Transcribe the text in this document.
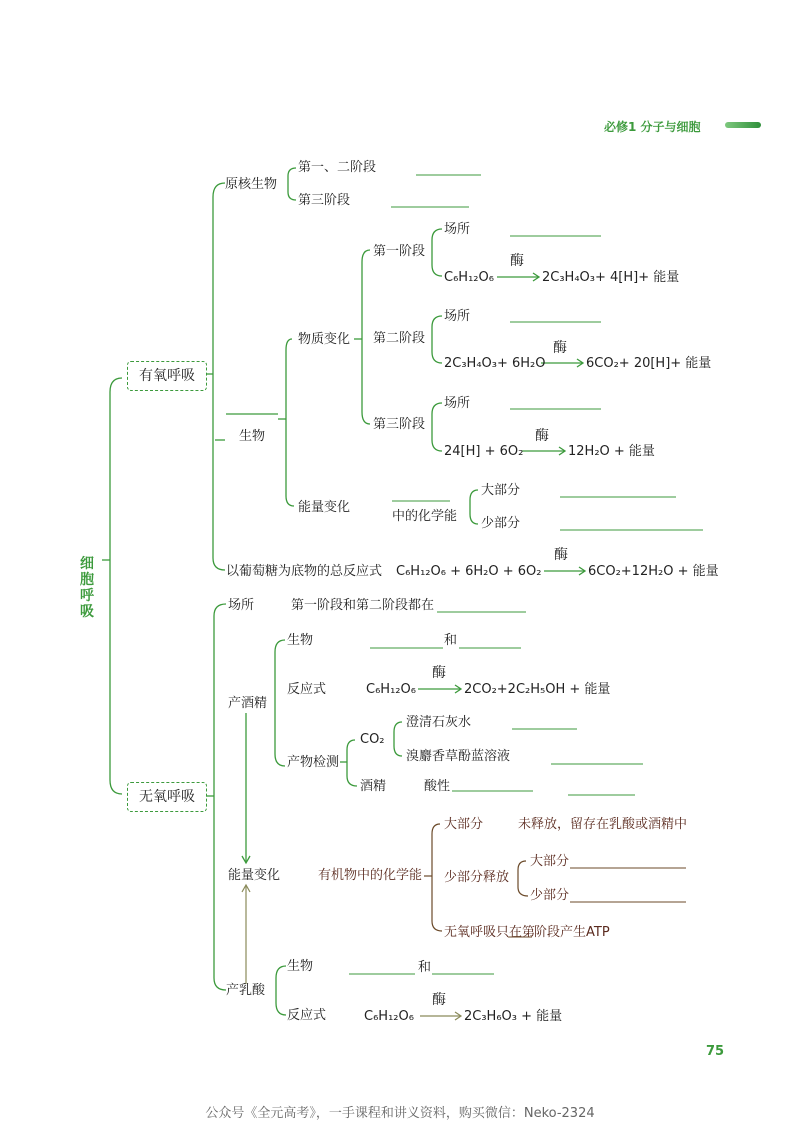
必修1 分子与细胞
细胞呼吸
有氧呼吸
原核生物
第一、二阶段
第三阶段
生物
物质变化
第一阶段
场所
C₆H₁₂O₆
酶
2C₃H₄O₃+ 4[H]+ 能量
第二阶段
场所
2C₃H₄O₃+ 6H₂O
酶
6CO₂+ 20[H]+ 能量
第三阶段
场所
24[H] + 6O₂
酶
12H₂O + 能量
能量变化
中的化学能
大部分
少部分
以葡萄糖为底物的总反应式 C₆H₁₂O₆ + 6H₂O + 6O₂
酶
6CO₂+12H₂O + 能量
无氧呼吸
场所	第一阶段和第二阶段都在
产酒精
生物	和
反应式	C₆H₁₂O₆
酶
2CO₂+2C₂H₅OH + 能量
产物检测
CO₂
澄清石灰水
溴麝香草酚蓝溶液
酒精	酸性
能量变化	有机物中的化学能
大部分	未释放，留存在乳酸或酒精中
少部分释放
大部分
少部分
无氧呼吸只在第
阶段产生ATP
产乳酸
生物	和
反应式	C₆H₁₂O₆
酶
2C₃H₆O₃ + 能量
75
公众号《全元高考》，一手课程和讲义资料，购买微信：Neko-2324
